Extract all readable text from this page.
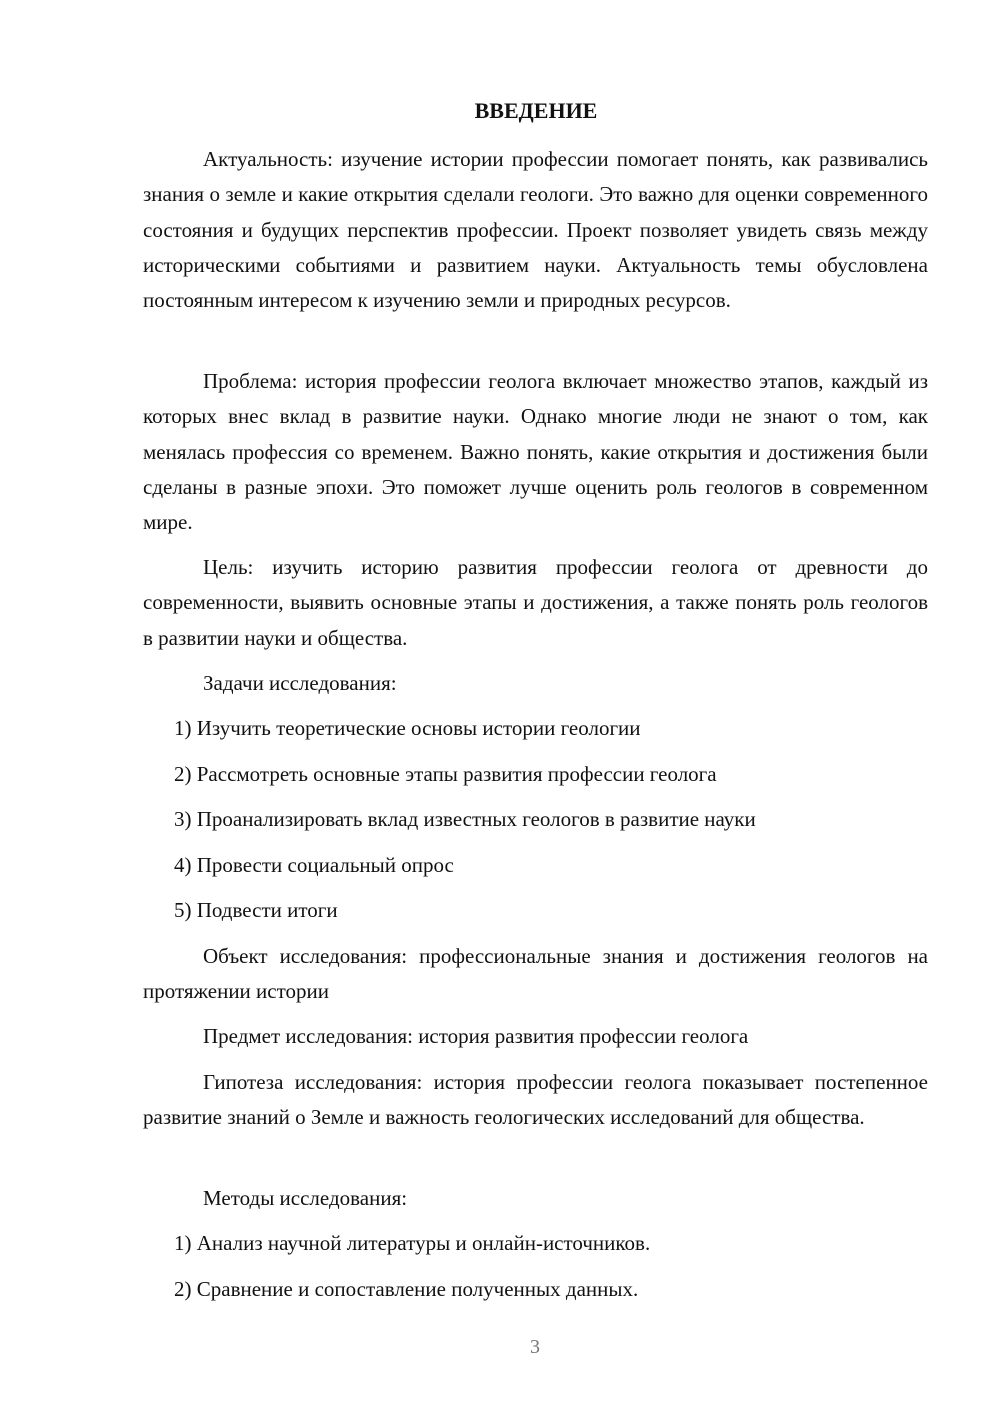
ВВЕДЕНИЕ

Актуальность: изучение истории профессии помогает понять, как развивались знания о земле и какие открытия сделали геологи. Это важно для оценки современного состояния и будущих перспектив профессии. Проект позволяет увидеть связь между историческими событиями и развитием науки. Актуальность темы обусловлена постоянным интересом к изучению земли и природных ресурсов.

Проблема: история профессии геолога включает множество этапов, каждый из которых внес вклад в развитие науки. Однако многие люди не знают о том, как менялась профессия со временем. Важно понять, какие открытия и достижения были сделаны в разные эпохи. Это поможет лучше оценить роль геологов в современном мире.

Цель: изучить историю развития профессии геолога от древности до современности, выявить основные этапы и достижения, а также понять роль геологов в развитии науки и общества.

Задачи исследования:

1) Изучить теоретические основы истории геологии

2) Рассмотреть основные этапы развития профессии геолога

3) Проанализировать вклад известных геологов в развитие науки

4) Провести социальный опрос

5) Подвести итоги

Объект исследования: профессиональные знания и достижения геологов на протяжении истории

Предмет исследования: история развития профессии геолога

Гипотеза исследования: история профессии геолога показывает постепенное развитие знаний о Земле и важность геологических исследований для общества.

Методы исследования:

1) Анализ научной литературы и онлайн-источников.

2) Сравнение и сопоставление полученных данных.

3
